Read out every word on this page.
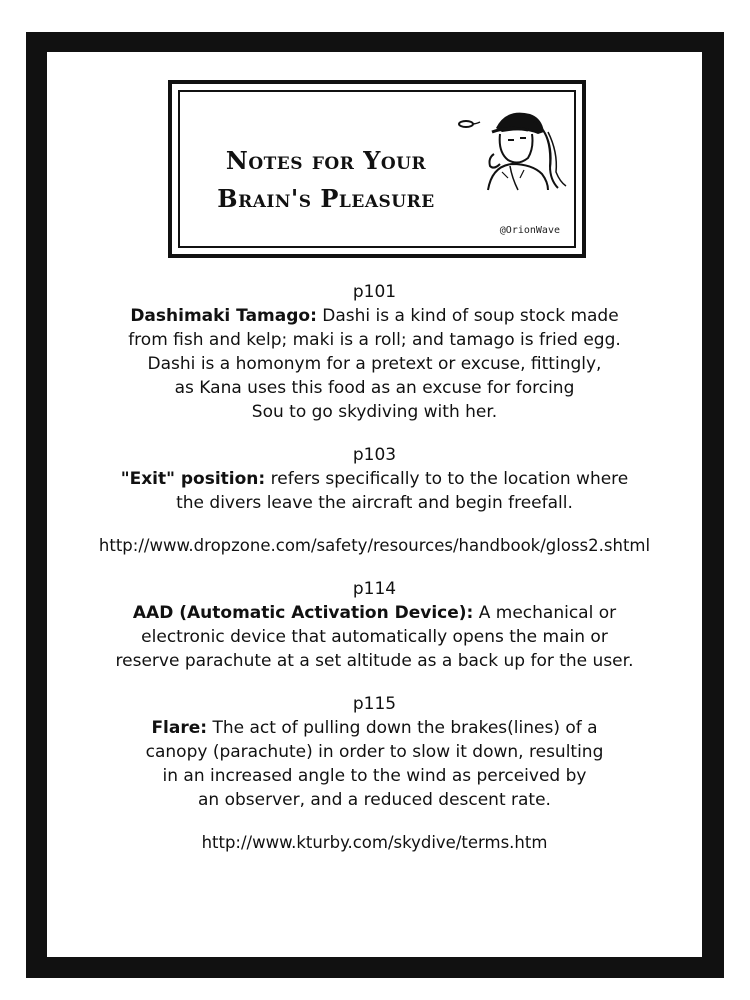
Notes for Your
Brain's Pleasure
@OrionWave
p101
Dashimaki Tamago: Dashi is a kind of soup stock made
from fish and kelp; maki is a roll; and tamago is fried egg.
Dashi is a homonym for a pretext or excuse, fittingly,
as Kana uses this food as an excuse for forcing
Sou to go skydiving with her.
p103
"Exit" position: refers specifically to to the location where
the divers leave the aircraft and begin freefall.
http://www.dropzone.com/safety/resources/handbook/gloss2.shtml
p114
AAD (Automatic Activation Device): A mechanical or
electronic device that automatically opens the main or
reserve parachute at a set altitude as a back up for the user.
p115
Flare: The act of pulling down the brakes(lines) of a
canopy (parachute) in order to slow it down, resulting
in an increased angle to the wind as perceived by
an observer, and a reduced descent rate.
http://www.kturby.com/skydive/terms.htm
